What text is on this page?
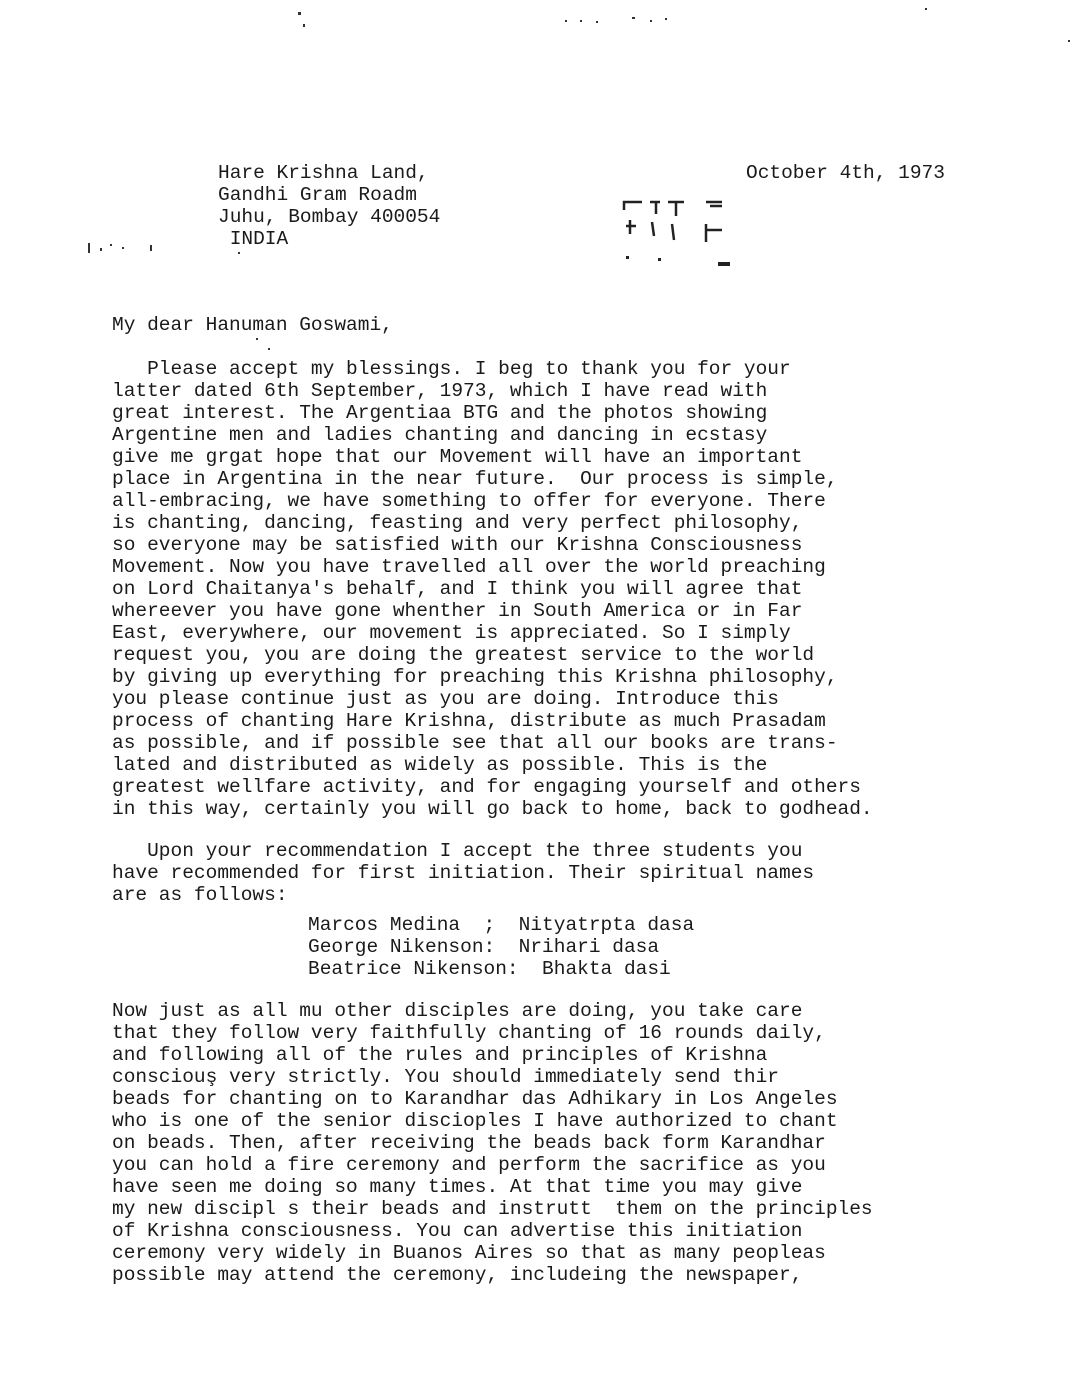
Hare Krishna Land,
Gandhi Gram Roadm
Juhu, Bombay 400054
INDIA
October 4th, 1973
My dear Hanuman Goswami,
Please accept my blessings. I beg to thank you for your
latter dated 6th September, 1973, which I have read with
great interest. The Argentiaa BTG and the photos showing
Argentine men and ladies chanting and dancing in ecstasy
give me grgat hope that our Movement will have an important
place in Argentina in the near future.  Our process is simple,
all-embracing, we have something to offer for everyone. There
is chanting, dancing, feasting and very perfect philosophy,
so everyone may be satisfied with our Krishna Consciousness
Movement. Now you have travelled all over the world preaching
on Lord Chaitanya's behalf, and I think you will agree that
whereever you have gone whenther in South America or in Far
East, everywhere, our movement is appreciated. So I simply
request you, you are doing the greatest service to the world
by giving up everything for preaching this Krishna philosophy,
you please continue just as you are doing. Introduce this
process of chanting Hare Krishna, distribute as much Prasadam
as possible, and if possible see that all our books are trans-
lated and distributed as widely as possible. This is the
greatest wellfare activity, and for engaging yourself and others
in this way, certainly you will go back to home, back to godhead.
Upon your recommendation I accept the three students you
have recommended for first initiation. Their spiritual names
are as follows:
Marcos Medina  ;  Nityatrpta dasa
George Nikenson:  Nrihari dasa
Beatrice Nikenson:  Bhakta dasi
Now just as all mu other disciples are doing, you take care
that they follow very faithfully chanting of 16 rounds daily,
and following all of the rules and principles of Krishna
consciouş very strictly. You should immediately send thir
beads for chanting on to Karandhar das Adhikary in Los Angeles
who is one of the senior discioples I have authorized to chant
on beads. Then, after receiving the beads back form Karandhar
you can hold a fire ceremony and perform the sacrifice as you
have seen me doing so many times. At that time you may give
my new discipl s their beads and instrutt  them on the principles
of Krishna consciousness. You can advertise this initiation
ceremony very widely in Buanos Aires so that as many peopleas
possible may attend the ceremony, includeing the newspaper,
